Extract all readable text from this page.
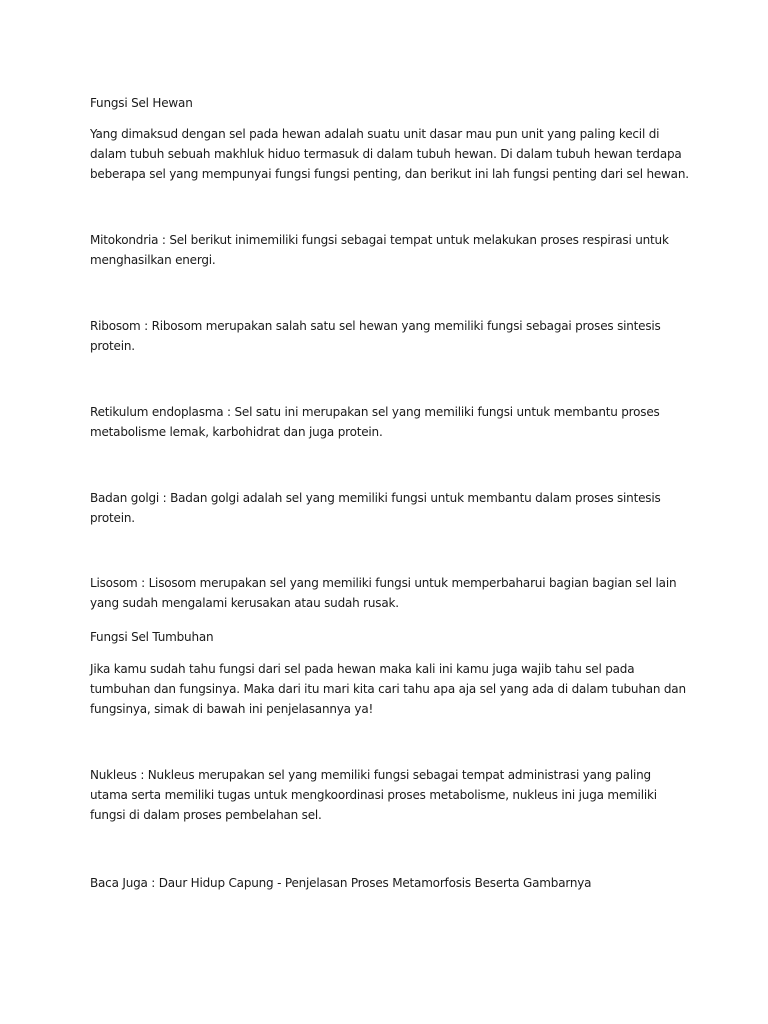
Fungsi Sel Hewan

Yang dimaksud dengan sel pada hewan adalah suatu unit dasar mau pun unit yang paling kecil di dalam tubuh sebuah makhluk hiduo termasuk di dalam tubuh hewan. Di dalam tubuh hewan terdapa beberapa sel yang mempunyai fungsi fungsi penting, dan berikut ini lah fungsi penting dari sel hewan.

Mitokondria : Sel berikut inimemiliki fungsi sebagai tempat untuk melakukan proses respirasi untuk menghasilkan energi.

Ribosom : Ribosom merupakan salah satu sel hewan yang memiliki fungsi sebagai proses sintesis protein.

Retikulum endoplasma : Sel satu ini merupakan sel yang memiliki fungsi untuk membantu proses metabolisme lemak, karbohidrat dan juga protein.

Badan golgi : Badan golgi adalah sel yang memiliki fungsi untuk membantu dalam proses sintesis protein.

Lisosom : Lisosom merupakan sel yang memiliki fungsi untuk memperbaharui bagian bagian sel lain yang sudah mengalami kerusakan atau sudah rusak.

Fungsi Sel Tumbuhan

Jika kamu sudah tahu fungsi dari sel pada hewan maka kali ini kamu juga wajib tahu sel pada tumbuhan dan fungsinya. Maka dari itu mari kita cari tahu apa aja sel yang ada di dalam tubuhan dan fungsinya, simak di bawah ini penjelasannya ya!

Nukleus : Nukleus merupakan sel yang memiliki fungsi sebagai tempat administrasi yang paling utama serta memiliki tugas untuk mengkoordinasi proses metabolisme, nukleus ini juga memiliki fungsi di dalam proses pembelahan sel.

Baca Juga : Daur Hidup Capung - Penjelasan Proses Metamorfosis Beserta Gambarnya
